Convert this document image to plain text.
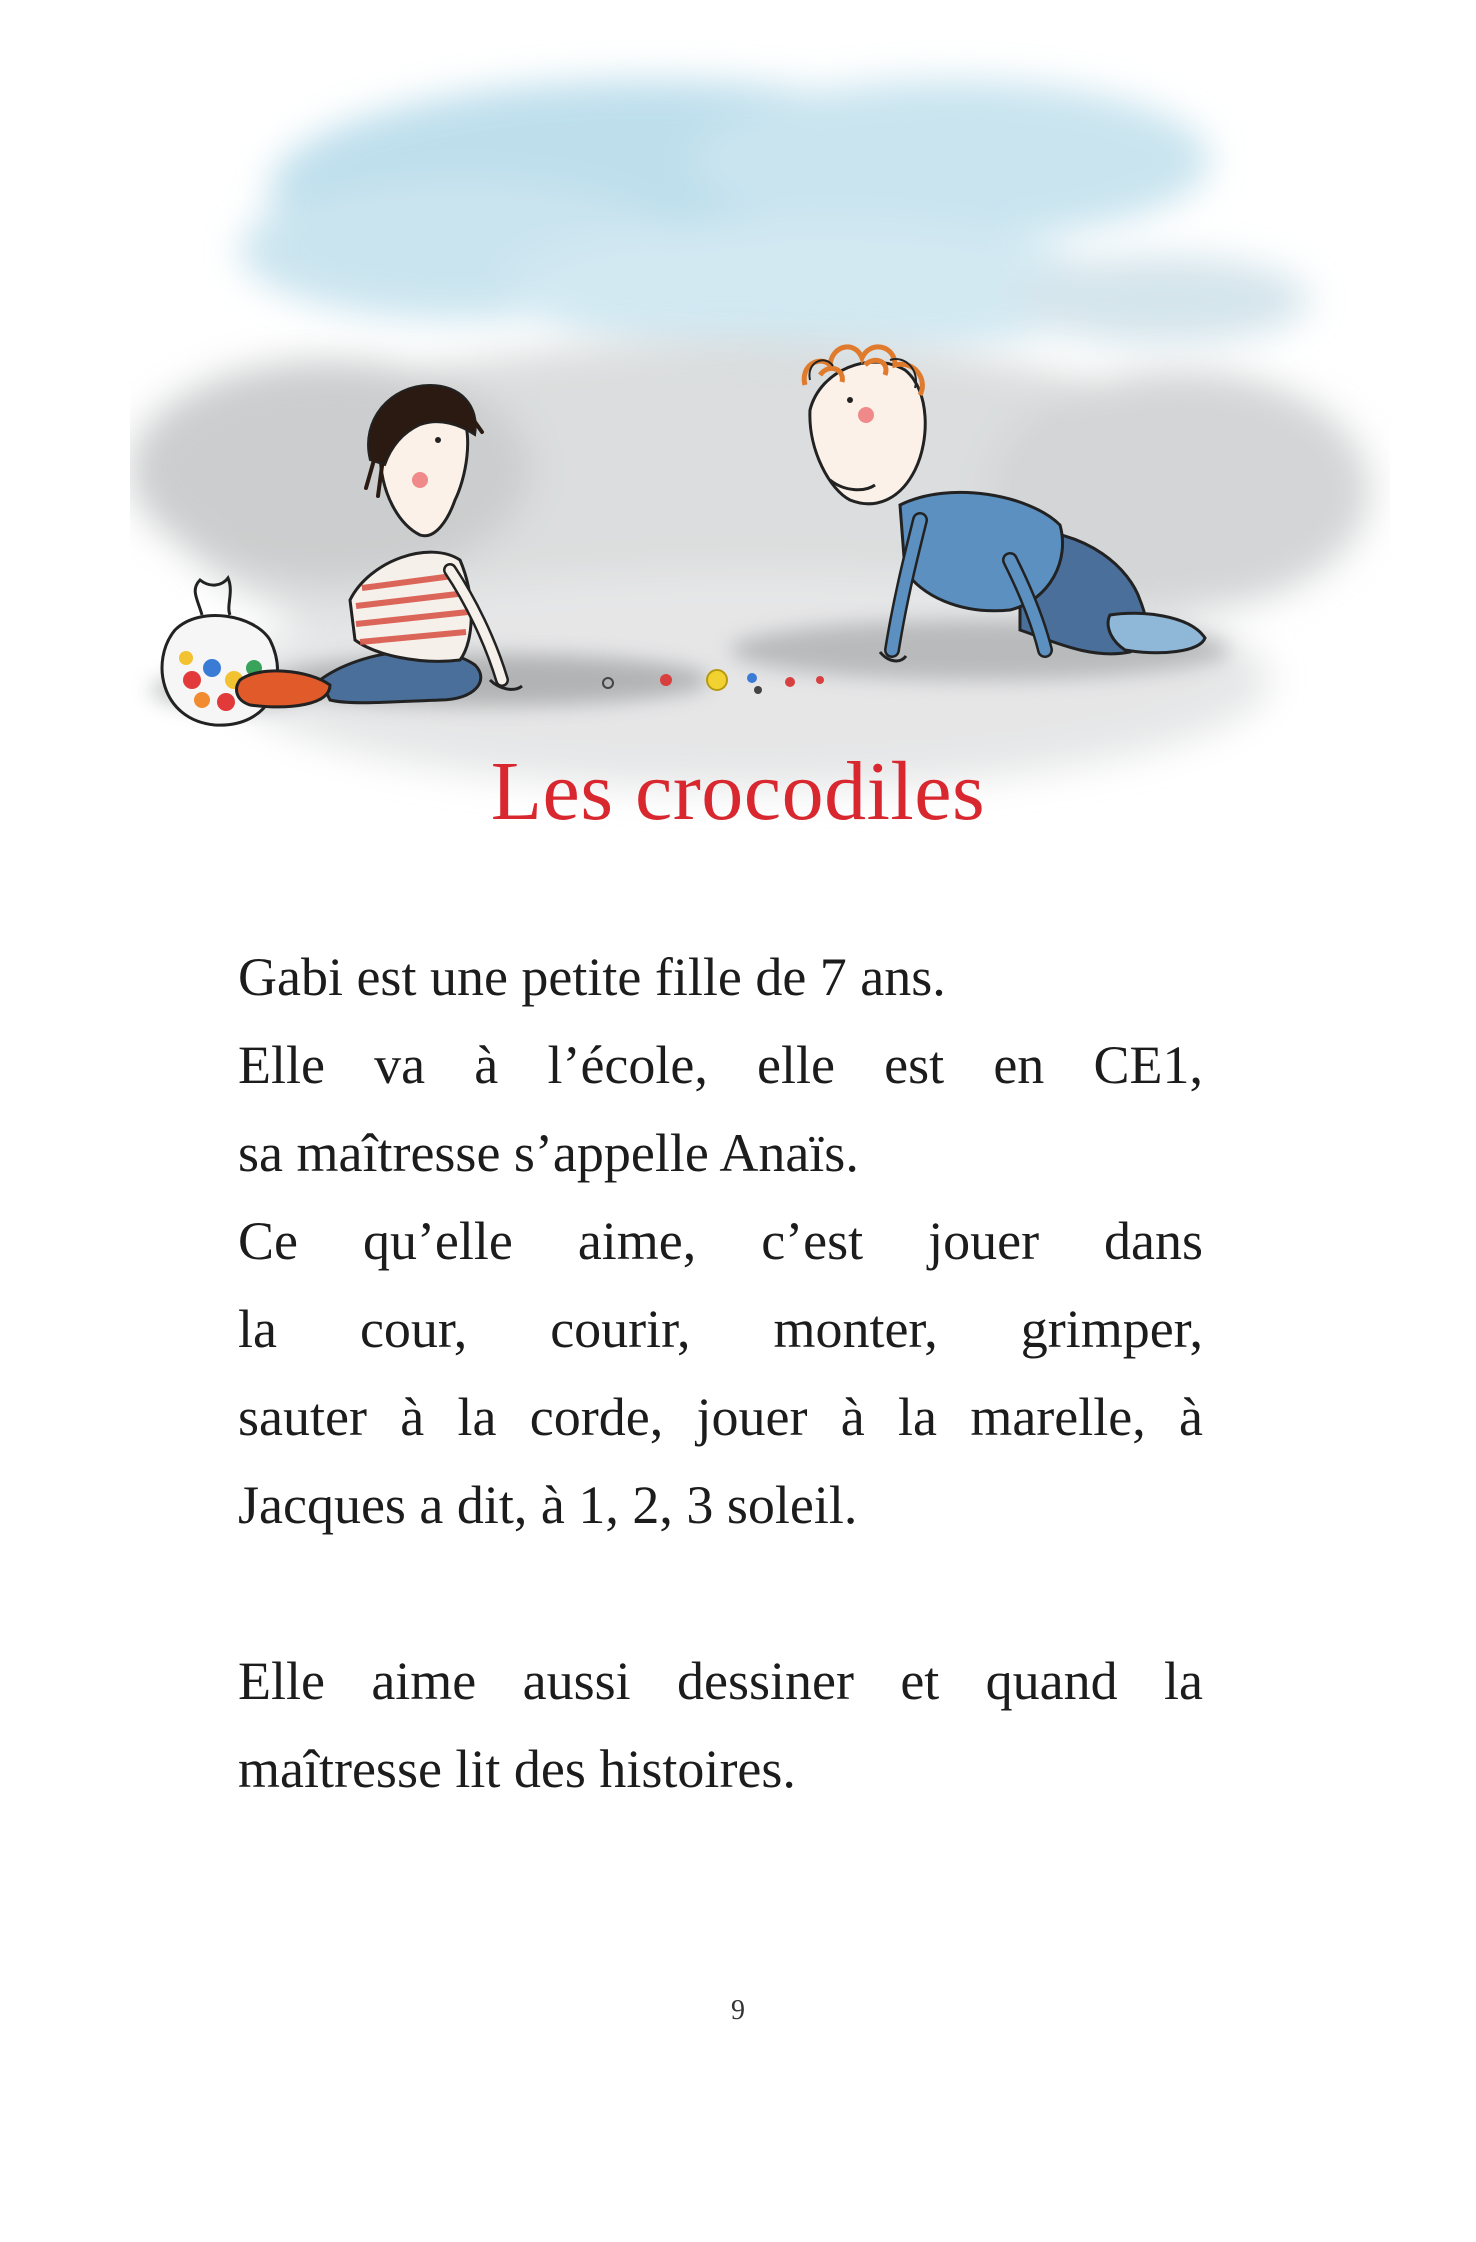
Les crocodiles

Gabi est une petite fille de 7 ans.
Elle va à l’école, elle est en CE1,
sa maîtresse s’appelle Anaïs.
Ce qu’elle aime, c’est jouer dans
la cour, courir, monter, grimper,
sauter à la corde, jouer à la marelle, à
Jacques a dit, à 1, 2, 3 soleil.

Elle aime aussi dessiner et quand la
maîtresse lit des histoires.

9
